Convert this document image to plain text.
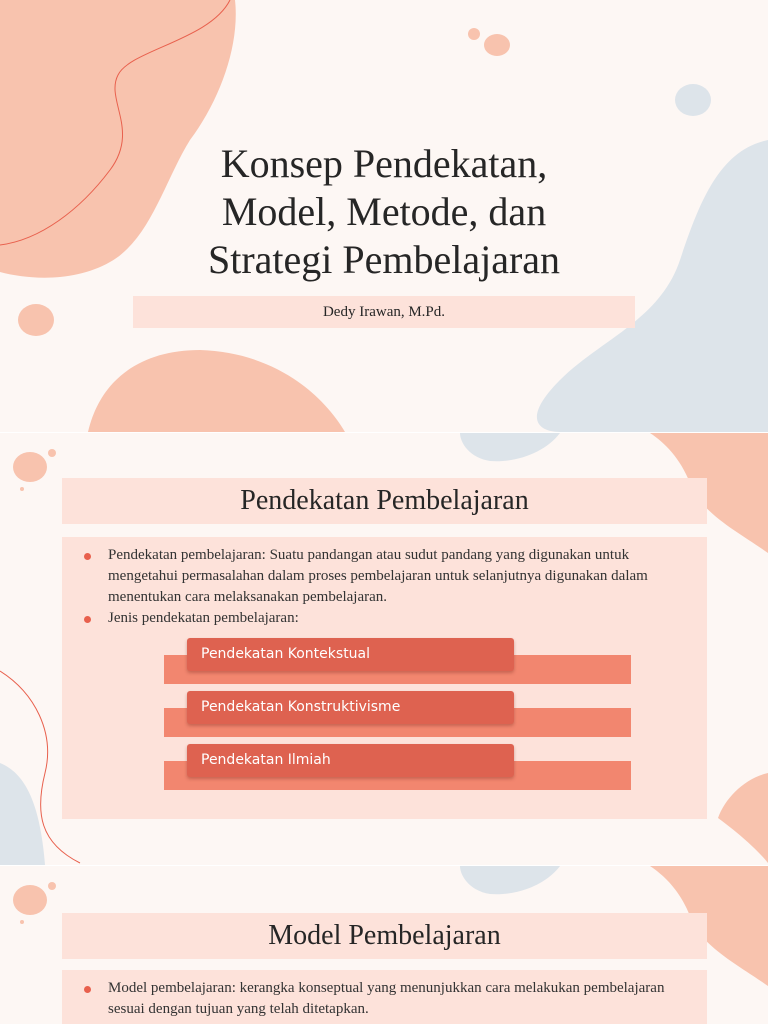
Konsep Pendekatan,
Model, Metode, dan
Strategi Pembelajaran
Dedy Irawan, M.Pd.
Pendekatan Pembelajaran
Pendekatan pembelajaran: Suatu pandangan atau sudut pandang yang digunakan untuk mengetahui permasalahan dalam proses pembelajaran untuk selanjutnya digunakan dalam menentukan cara melaksanakan pembelajaran.
Jenis pendekatan pembelajaran:
Pendekatan Kontekstual
Pendekatan Konstruktivisme
Pendekatan Ilmiah
Model Pembelajaran
Model pembelajaran: kerangka konseptual yang menunjukkan cara melakukan pembelajaran sesuai dengan tujuan yang telah ditetapkan.
